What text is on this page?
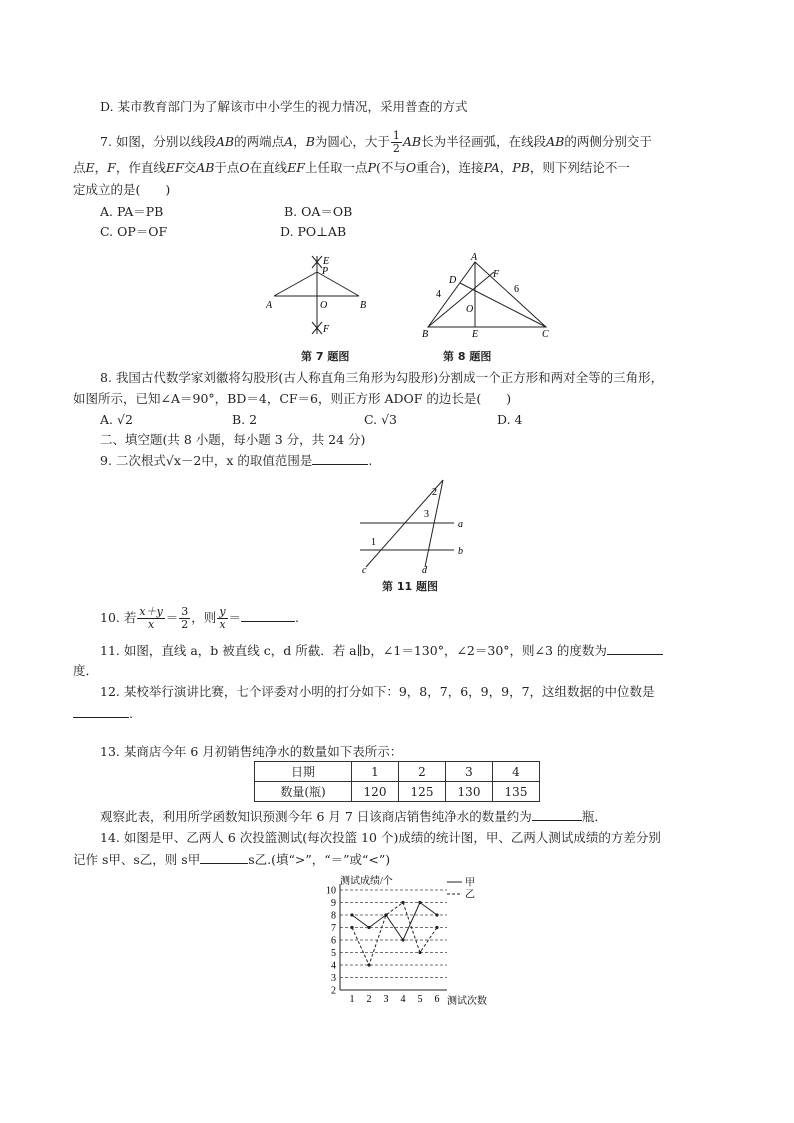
D. 某市教育部门为了解该市中小学生的视力情况，采用普查的方式
7. 如图，分别以线段AB的两端点A，B为圆心，大于 $\frac{1}{2}$ AB长为半径画弧，在线段AB的两侧分别交于
点E，F，作直线EF交AB于点O在直线EF上任取一点P(不与O重合)，连接PA，PB，则下列结论不一
定成立的是(　　)
A. PA＝PB	B. OA＝OB
C. OP＝OF	D. PO⊥AB
E
P
A	O	B
F
第 7 题图
A
D
F
4	6
O
B	E	C
第 8 题图
8. 我国古代数学家刘徽将勾股形(古人称直角三角形为勾股形)分割成一个正方形和两对全等的三角形，
如图所示，已知∠A＝90°，BD＝4，CF＝6，则正方形 ADOF 的边长是(　　)
A. √2	B. 2	C. √3	D. 4
二、填空题(共 8 小题，每小题 3 分，共 24 分)
9. 二次根式√x－2中，x 的取值范围是	.
1
2
3
a
b
c	d
第 11 题图
10. 若 $\frac{x+y}{x} = \frac{3}{2}$ ，则 $\frac{y}{x}$ ＝	.
11. 如图，直线 a，b 被直线 c，d 所截．若 a∥b，∠1＝130°，∠2＝30°，则∠3 的度数为
度．
12. 某校举行演讲比赛，七个评委对小明的打分如下：9，8，7，6，9，9，7，这组数据的中位数是
.
13. 某商店今年 6 月初销售纯净水的数量如下表所示：
日期	1	2	3	4
数量(瓶)	120	125	130	135
观察此表，利用所学函数知识预测今年 6 月 7 日该商店销售纯净水的数量约为	瓶．
14. 如图是甲、乙两人 6 次投篮测试(每次投篮 10 个)成绩的统计图，甲、乙两人测试成绩的方差分别
记作 s甲、s乙，则 s甲	s乙.(填“>”，“＝”或“<”)
2
3
4
5
6
7
8
9
10
1 2 3 4 5 6
测试成绩/个
测试次数
甲
乙
